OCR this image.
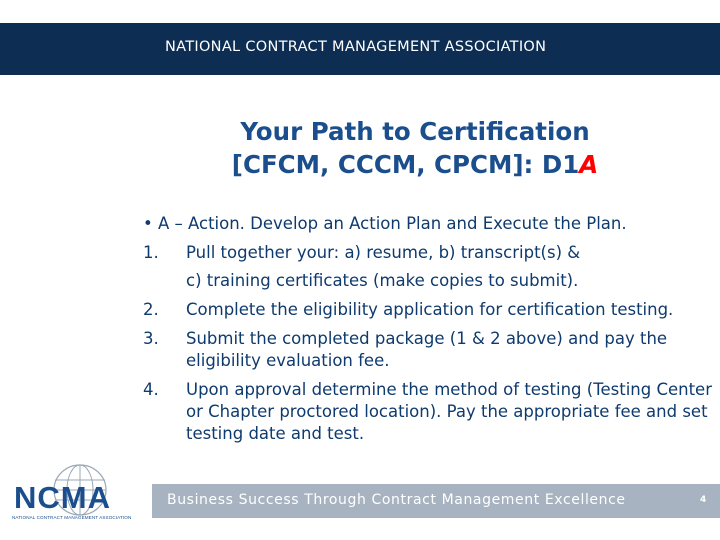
NATIONAL CONTRACT MANAGEMENT ASSOCIATION
Your Path to Certification
[CFCM, CCCM, CPCM]: D1A
• A – Action. Develop an Action Plan and Execute the Plan.
1. Pull together your: a) resume, b) transcript(s) &
c) training certificates (make copies to submit).
2. Complete the eligibility application for certification testing.
3. Submit the completed package (1 & 2 above) and pay the eligibility evaluation fee.
4. Upon approval determine the method of testing (Testing Center or Chapter proctored location). Pay the appropriate fee and set testing date and test.
NCMA
NATIONAL CONTRACT MANAGEMENT ASSOCIATION
Business Success Through Contract Management Excellence	4
